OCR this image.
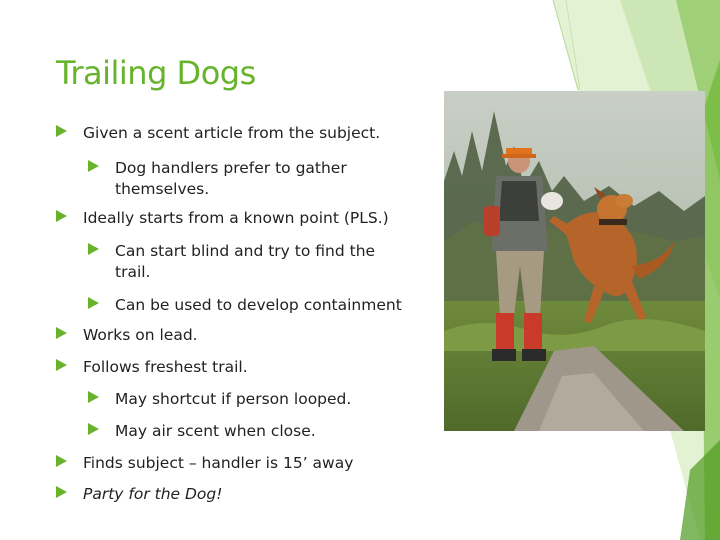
Trailing Dogs
Given a scent article from the subject.
Dog handlers prefer to gather themselves.
Ideally starts from a known point (PLS.)
Can start blind and try to find the trail.
Can be used to develop containment
Works on lead.
Follows freshest trail.
May shortcut if person looped.
May air scent when close.
Finds subject – handler is 15’ away
Party for the Dog!
